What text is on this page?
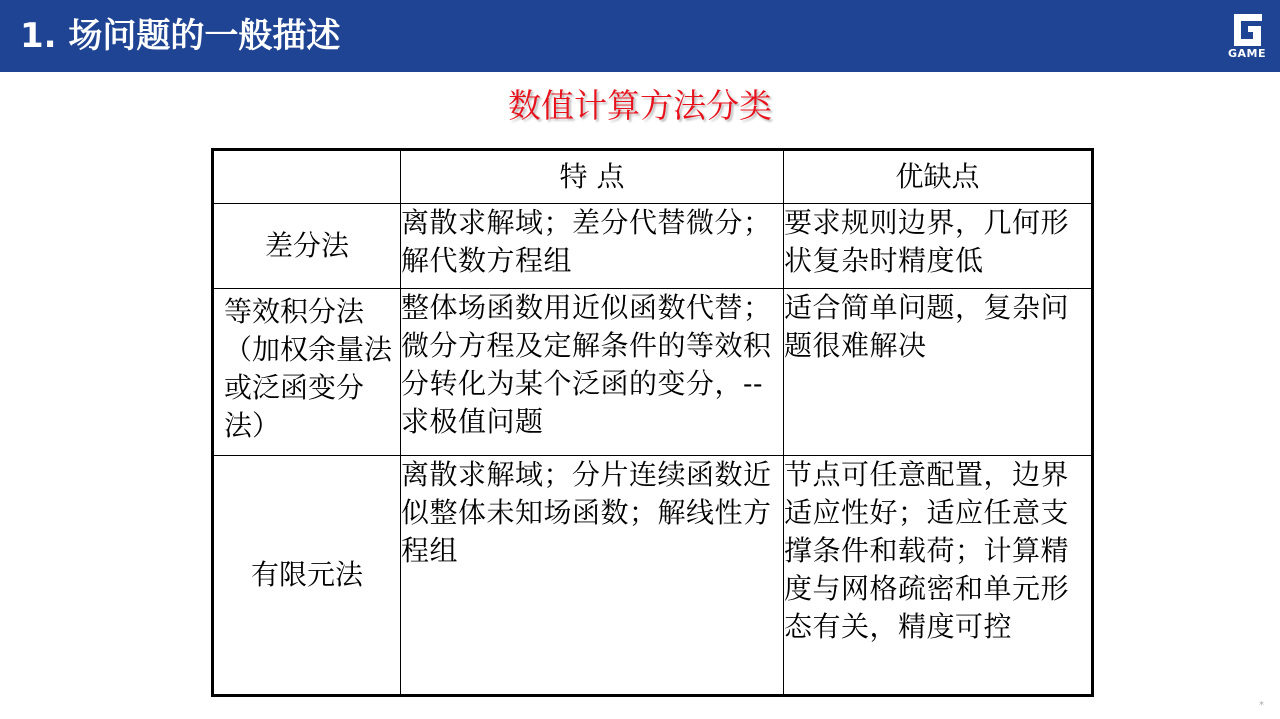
1. 场问题的一般描述	GAME
数值计算方法分类
	特 点	优缺点
差分法	离散求解域；差分代替微分；解代数方程组	要求规则边界，几何形状复杂时精度低
等效积分法（加权余量法或泛函变分法）	整体场函数用近似函数代替；微分方程及定解条件的等效积分转化为某个泛函的变分，--求极值问题	适合简单问题，复杂问题很难解决
有限元法	离散求解域；分片连续函数近似整体未知场函数；解线性方程组	节点可任意配置，边界适应性好；适应任意支撑条件和载荷；计算精度与网格疏密和单元形态有关，精度可控
*
